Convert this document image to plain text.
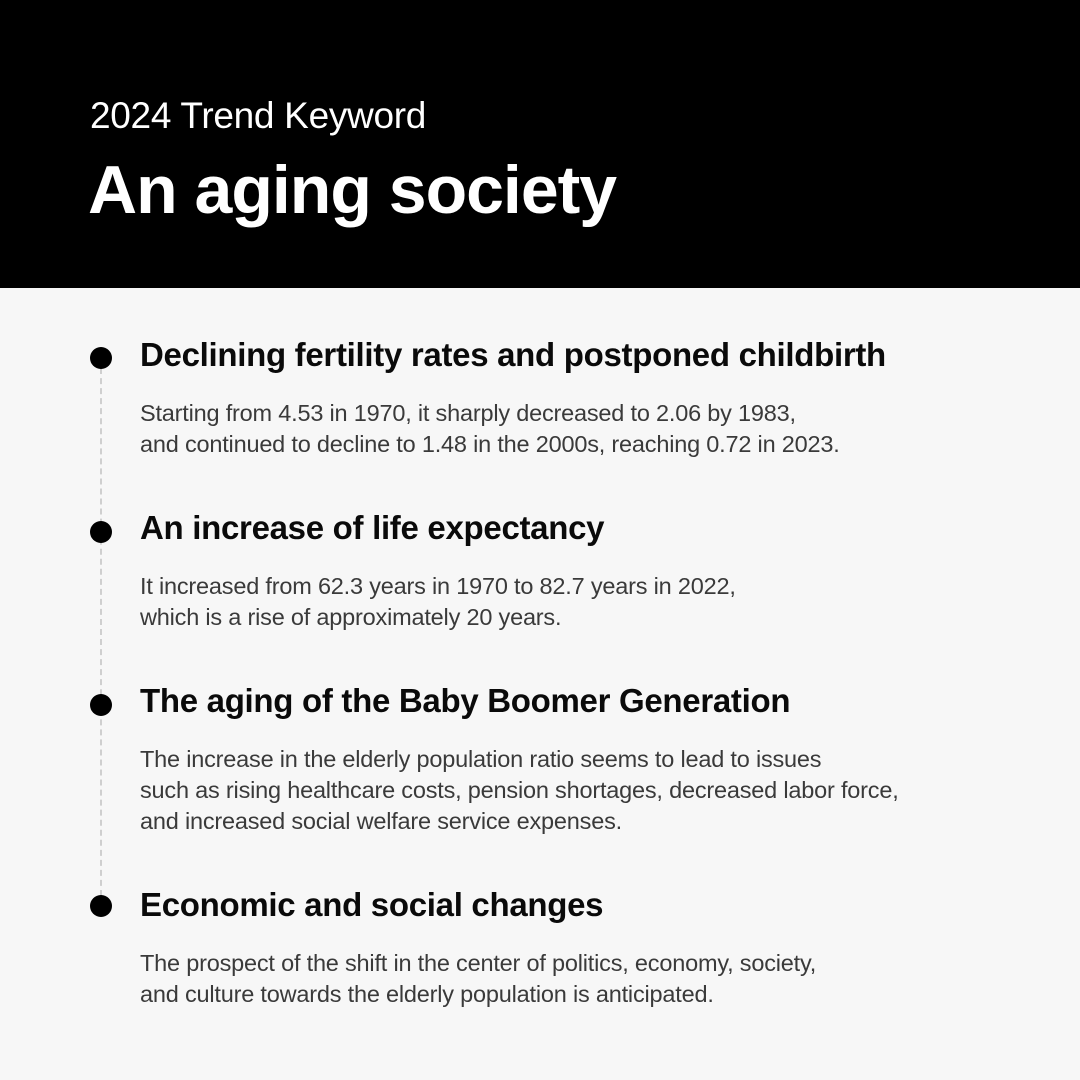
2024 Trend Keyword
An aging society
Declining fertility rates and postponed childbirth
Starting from 4.53 in 1970, it sharply decreased to 2.06 by 1983,
and continued to decline to 1.48 in the 2000s, reaching 0.72 in 2023.
An increase of life expectancy
It increased from 62.3 years in 1970 to 82.7 years in 2022,
which is a rise of approximately 20 years.
The aging of the Baby Boomer Generation
The increase in the elderly population ratio seems to lead to issues
such as rising healthcare costs, pension shortages, decreased labor force,
and increased social welfare service expenses.
Economic and social changes
The prospect of the shift in the center of politics, economy, society,
and culture towards the elderly population is anticipated.
